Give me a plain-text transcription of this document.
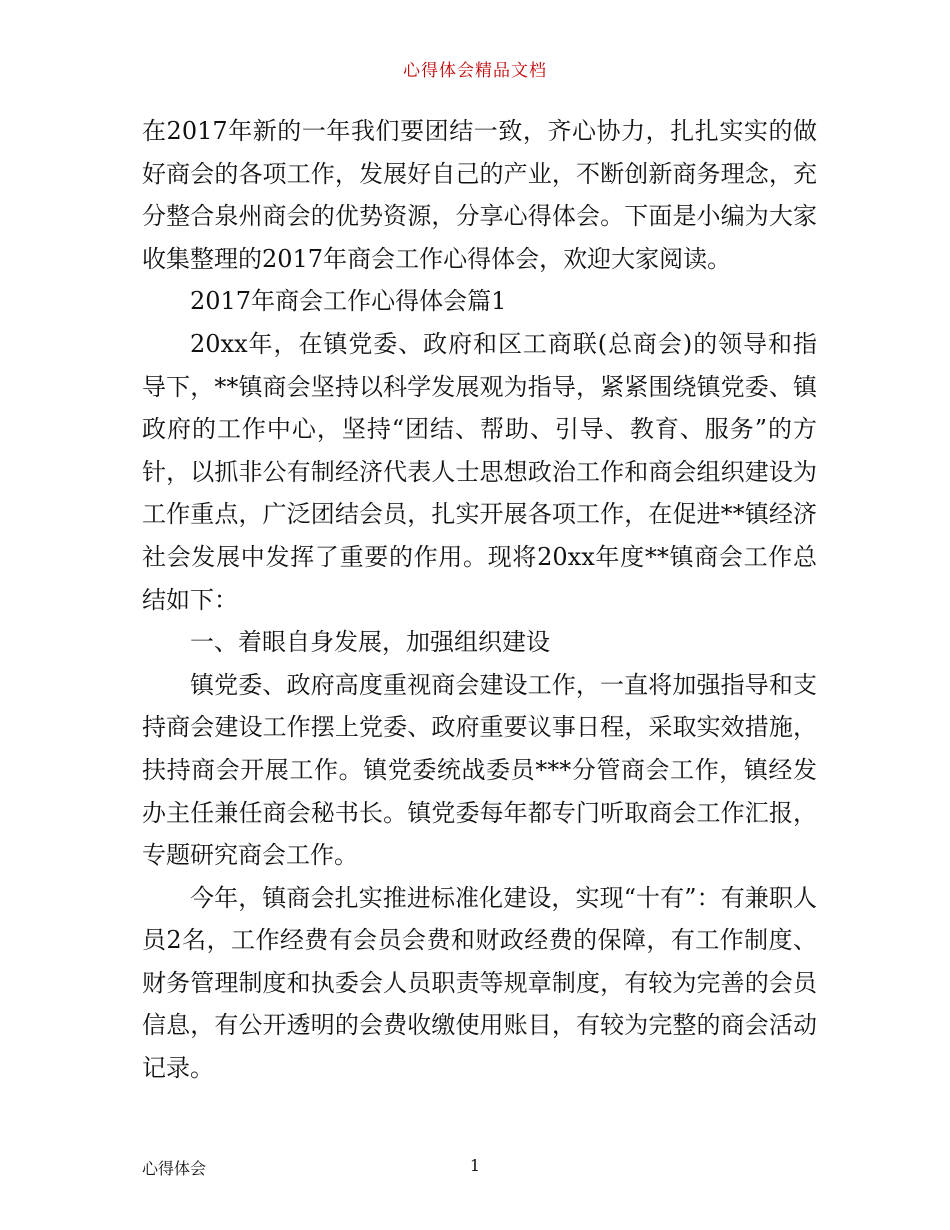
心得体会精品文档

在2017年新的一年我们要团结一致，齐心协力，扎扎实实的做好商会的各项工作，发展好自己的产业，不断创新商务理念，充分整合泉州商会的优势资源，分享心得体会。下面是小编为大家收集整理的2017年商会工作心得体会，欢迎大家阅读。

2017年商会工作心得体会篇1

20xx年，在镇党委、政府和区工商联(总商会)的领导和指导下，**镇商会坚持以科学发展观为指导，紧紧围绕镇党委、镇政府的工作中心，坚持“团结、帮助、引导、教育、服务”的方针，以抓非公有制经济代表人士思想政治工作和商会组织建设为工作重点，广泛团结会员，扎实开展各项工作，在促进**镇经济社会发展中发挥了重要的作用。现将20xx年度**镇商会工作总结如下：

一、着眼自身发展，加强组织建设

镇党委、政府高度重视商会建设工作，一直将加强指导和支持商会建设工作摆上党委、政府重要议事日程，采取实效措施，扶持商会开展工作。镇党委统战委员***分管商会工作，镇经发办主任兼任商会秘书长。镇党委每年都专门听取商会工作汇报，专题研究商会工作。

今年，镇商会扎实推进标准化建设，实现“十有”：有兼职人员2名，工作经费有会员会费和财政经费的保障，有工作制度、财务管理制度和执委会人员职责等规章制度，有较为完善的会员信息，有公开透明的会费收缴使用账目，有较为完整的商会活动记录。

心得体会	1
